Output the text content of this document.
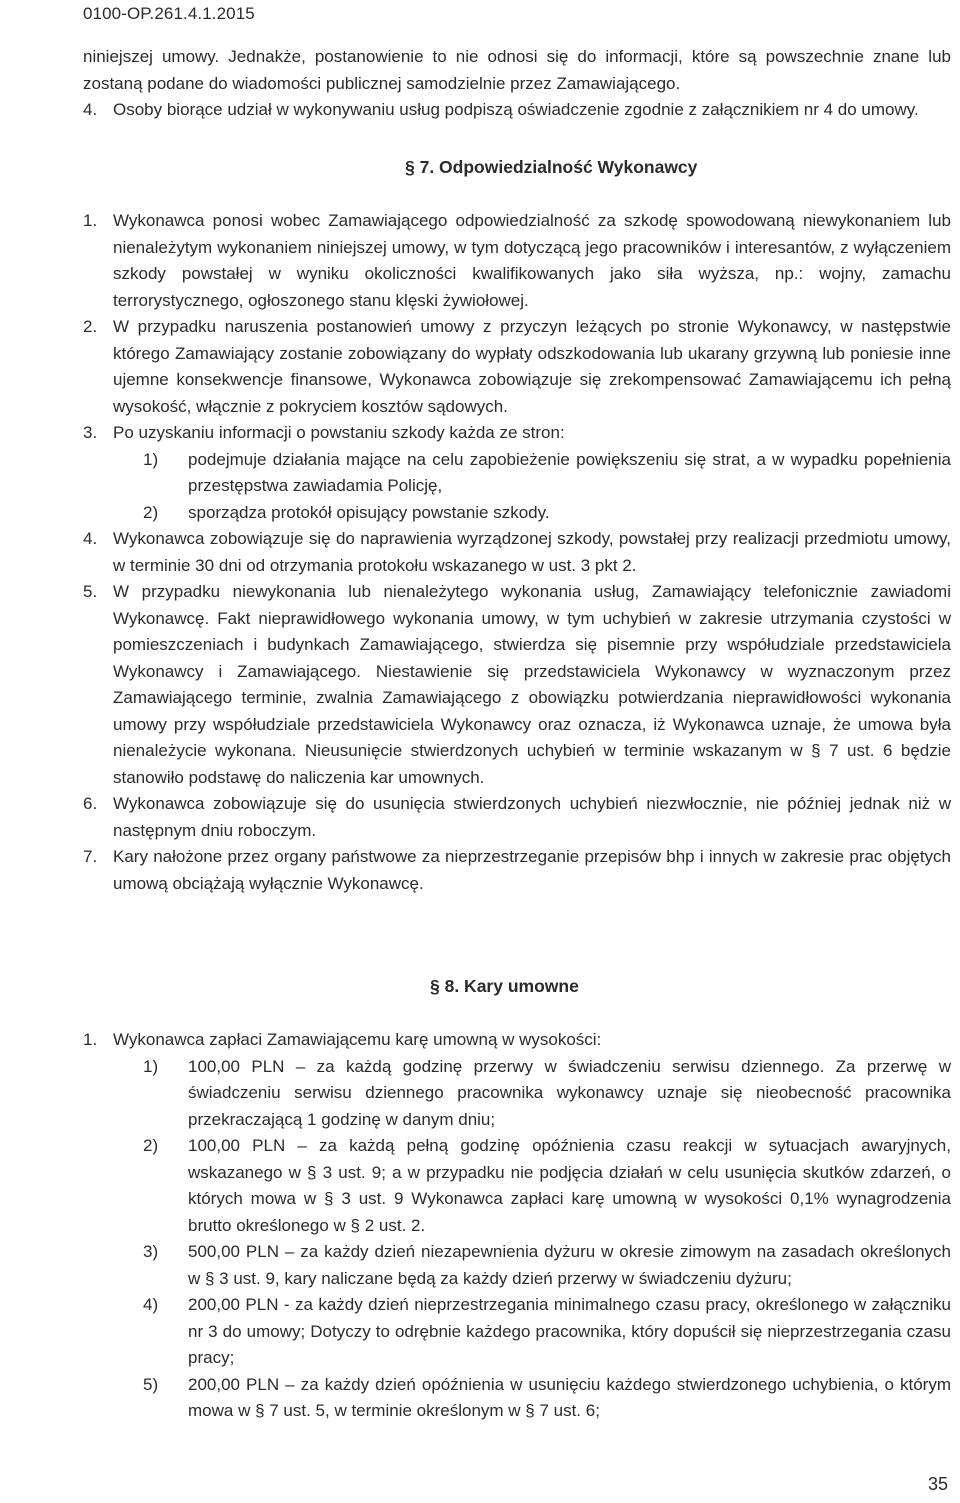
0100-OP.261.4.1.2015

niniejszej umowy. Jednakże, postanowienie to nie odnosi się do informacji, które są powszechnie znane lub zostaną podane do wiadomości publicznej samodzielnie przez Zamawiającego.

4. Osoby biorące udział w wykonywaniu usług podpiszą oświadczenie zgodnie z załącznikiem nr 4 do umowy.

§ 7. Odpowiedzialność Wykonawcy

1. Wykonawca ponosi wobec Zamawiającego odpowiedzialność za szkodę spowodowaną niewykonaniem lub nienależytym wykonaniem niniejszej umowy, w tym dotyczącą jego pracowników i interesantów, z wyłączeniem szkody powstałej w wyniku okoliczności kwalifikowanych jako siła wyższa, np.: wojny, zamachu terrorystycznego, ogłoszonego stanu klęski żywiołowej.

2. W przypadku naruszenia postanowień umowy z przyczyn leżących po stronie Wykonawcy, w następstwie którego Zamawiający zostanie zobowiązany do wypłaty odszkodowania lub ukarany grzywną lub poniesie inne ujemne konsekwencje finansowe, Wykonawca zobowiązuje się zrekompensować Zamawiającemu ich pełną wysokość, włącznie z pokryciem kosztów sądowych.

3. Po uzyskaniu informacji o powstaniu szkody każda ze stron:

1) podejmuje działania mające na celu zapobieżenie powiększeniu się strat, a w wypadku popełnienia przestępstwa zawiadamia Policję,

2) sporządza protokół opisujący powstanie szkody.

4. Wykonawca zobowiązuje się do naprawienia wyrządzonej szkody, powstałej przy realizacji przedmiotu umowy, w terminie 30 dni od otrzymania protokołu wskazanego w ust. 3 pkt 2.

5. W przypadku niewykonania lub nienależytego wykonania usług, Zamawiający telefonicznie zawiadomi Wykonawcę. Fakt nieprawidłowego wykonania umowy, w tym uchybień w zakresie utrzymania czystości w pomieszczeniach i budynkach Zamawiającego, stwierdza się pisemnie przy współudziale przedstawiciela Wykonawcy i Zamawiającego. Niestawienie się przedstawiciela Wykonawcy w wyznaczonym przez Zamawiającego terminie, zwalnia Zamawiającego z obowiązku potwierdzania nieprawidłowości wykonania umowy przy współudziale przedstawiciela Wykonawcy oraz oznacza, iż Wykonawca uznaje, że umowa była nienależycie wykonana. Nieusunięcie stwierdzonych uchybień w terminie wskazanym w § 7 ust. 6 będzie stanowiło podstawę do naliczenia kar umownych.

6. Wykonawca zobowiązuje się do usunięcia stwierdzonych uchybień niezwłocznie, nie później jednak niż w następnym dniu roboczym.

7. Kary nałożone przez organy państwowe za nieprzestrzeganie przepisów bhp i innych w zakresie prac objętych umową obciążają wyłącznie Wykonawcę.

§ 8. Kary umowne

1. Wykonawca zapłaci Zamawiającemu karę umowną w wysokości:

1) 100,00 PLN – za każdą godzinę przerwy w świadczeniu serwisu dziennego. Za przerwę w świadczeniu serwisu dziennego pracownika wykonawcy uznaje się nieobecność pracownika przekraczającą 1 godzinę w danym dniu;

2) 100,00 PLN – za każdą pełną godzinę opóźnienia czasu reakcji w sytuacjach awaryjnych, wskazanego w § 3 ust. 9; a w przypadku nie podjęcia działań w celu usunięcia skutków zdarzeń, o których mowa w § 3 ust. 9 Wykonawca zapłaci karę umowną w wysokości 0,1% wynagrodzenia brutto określonego w § 2 ust. 2.

3) 500,00 PLN – za każdy dzień niezapewnienia dyżuru w okresie zimowym na zasadach określonych w § 3 ust. 9, kary naliczane będą za każdy dzień przerwy w świadczeniu dyżuru;

4) 200,00 PLN - za każdy dzień nieprzestrzegania minimalnego czasu pracy, określonego w załączniku nr 3 do umowy; Dotyczy to odrębnie każdego pracownika, który dopuścił się nieprzestrzegania czasu pracy;

5) 200,00 PLN – za każdy dzień opóźnienia w usunięciu każdego stwierdzonego uchybienia, o którym mowa w § 7 ust. 5, w terminie określonym w § 7 ust. 6;

35
